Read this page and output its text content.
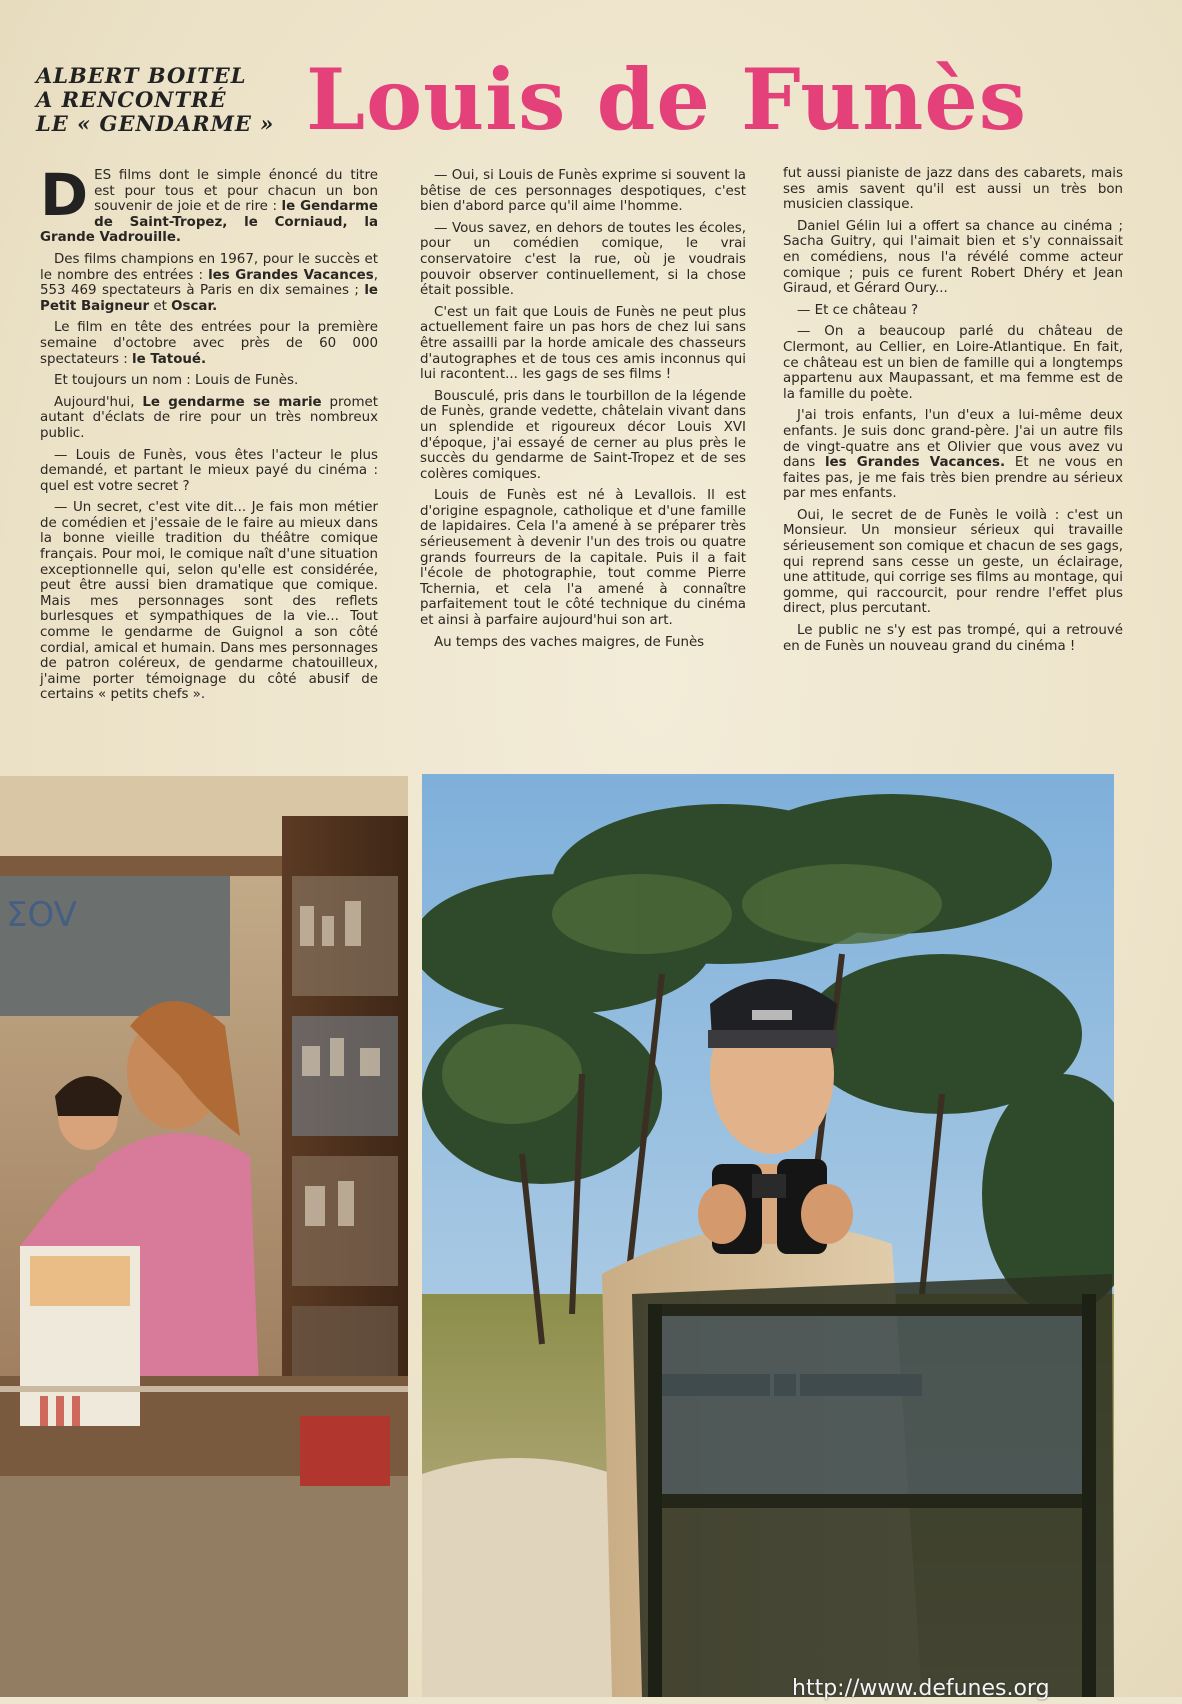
ALBERT BOITEL
A RENCONTRÉ
LE « GENDARME » Louis de Funès
D ES films dont le simple énoncé du titre est pour tous et pour chacun un bon souvenir de joie et de rire : le Gendarme de Saint-Tropez, le Corniaud, la Grande Vadrouille.

Des films champions en 1967, pour le succès et le nombre des entrées : les Grandes Vacances, 553 469 spectateurs à Paris en dix semaines ; le Petit Baigneur et Oscar.

Le film en tête des entrées pour la première semaine d'octobre avec près de 60 000 spectateurs : le Tatoué.

Et toujours un nom : Louis de Funès.

Aujourd'hui, Le gendarme se marie promet autant d'éclats de rire pour un très nombreux public.

— Louis de Funès, vous êtes l'acteur le plus demandé, et partant le mieux payé du cinéma : quel est votre secret ?

— Un secret, c'est vite dit... Je fais mon métier de comédien et j'essaie de le faire au mieux dans la bonne vieille tradition du théâtre comique français. Pour moi, le comique naît d'une situation exceptionnelle qui, selon qu'elle est considérée, peut être aussi bien dramatique que comique. Mais mes personnages sont des reflets burlesques et sympathiques de la vie... Tout comme le gendarme de Guignol a son côté cordial, amical et humain. Dans mes personnages de patron coléreux, de gendarme chatouilleux, j'aime porter témoignage du côté abusif de certains « petits chefs ».

— Oui, si Louis de Funès exprime si souvent la bêtise de ces personnages despotiques, c'est bien d'abord parce qu'il aime l'homme.

— Vous savez, en dehors de toutes les écoles, pour un comédien comique, le vrai conservatoire c'est la rue, où je voudrais pouvoir observer continuellement, si la chose était possible.

C'est un fait que Louis de Funès ne peut plus actuellement faire un pas hors de chez lui sans être assailli par la horde amicale des chasseurs d'autographes et de tous ces amis inconnus qui lui racontent... les gags de ses films !

Bousculé, pris dans le tourbillon de la légende de Funès, grande vedette, châtelain vivant dans un splendide et rigoureux décor Louis XVI d'époque, j'ai essayé de cerner au plus près le succès du gendarme de Saint-Tropez et de ses colères comiques.

Louis de Funès est né à Levallois. Il est d'origine espagnole, catholique et d'une famille de lapidaires. Cela l'a amené à se préparer très sérieusement à devenir l'un des trois ou quatre grands fourreurs de la capitale. Puis il a fait l'école de photographie, tout comme Pierre Tchernia, et cela l'a amené à connaître parfaitement tout le côté technique du cinéma et ainsi à parfaire aujourd'hui son art.

Au temps des vaches maigres, de Funès

fut aussi pianiste de jazz dans des cabarets, mais ses amis savent qu'il est aussi un très bon musicien classique.

Daniel Gélin lui a offert sa chance au cinéma ; Sacha Guitry, qui l'aimait bien et s'y connaissait en comédiens, nous l'a révélé comme acteur comique ; puis ce furent Robert Dhéry et Jean Giraud, et Gérard Oury...

— Et ce château ?

— On a beaucoup parlé du château de Clermont, au Cellier, en Loire-Atlantique. En fait, ce château est un bien de famille qui a longtemps appartenu aux Maupassant, et ma femme est de la famille du poète.

J'ai trois enfants, l'un d'eux a lui-même deux enfants. Je suis donc grand-père. J'ai un autre fils de vingt-quatre ans et Olivier que vous avez vu dans les Grandes Vacances. Et ne vous en faites pas, je me fais très bien prendre au sérieux par mes enfants.

Oui, le secret de de Funès le voilà : c'est un Monsieur. Un monsieur sérieux qui travaille sérieusement son comique et chacun de ses gags, qui reprend sans cesse un geste, un éclairage, une attitude, qui corrige ses films au montage, qui gomme, qui raccourcit, pour rendre l'effet plus direct, plus percutant.

Le public ne s'y est pas trompé, qui a retrouvé en de Funès un nouveau grand du cinéma !

ΣOV
http://www.defunes.org
